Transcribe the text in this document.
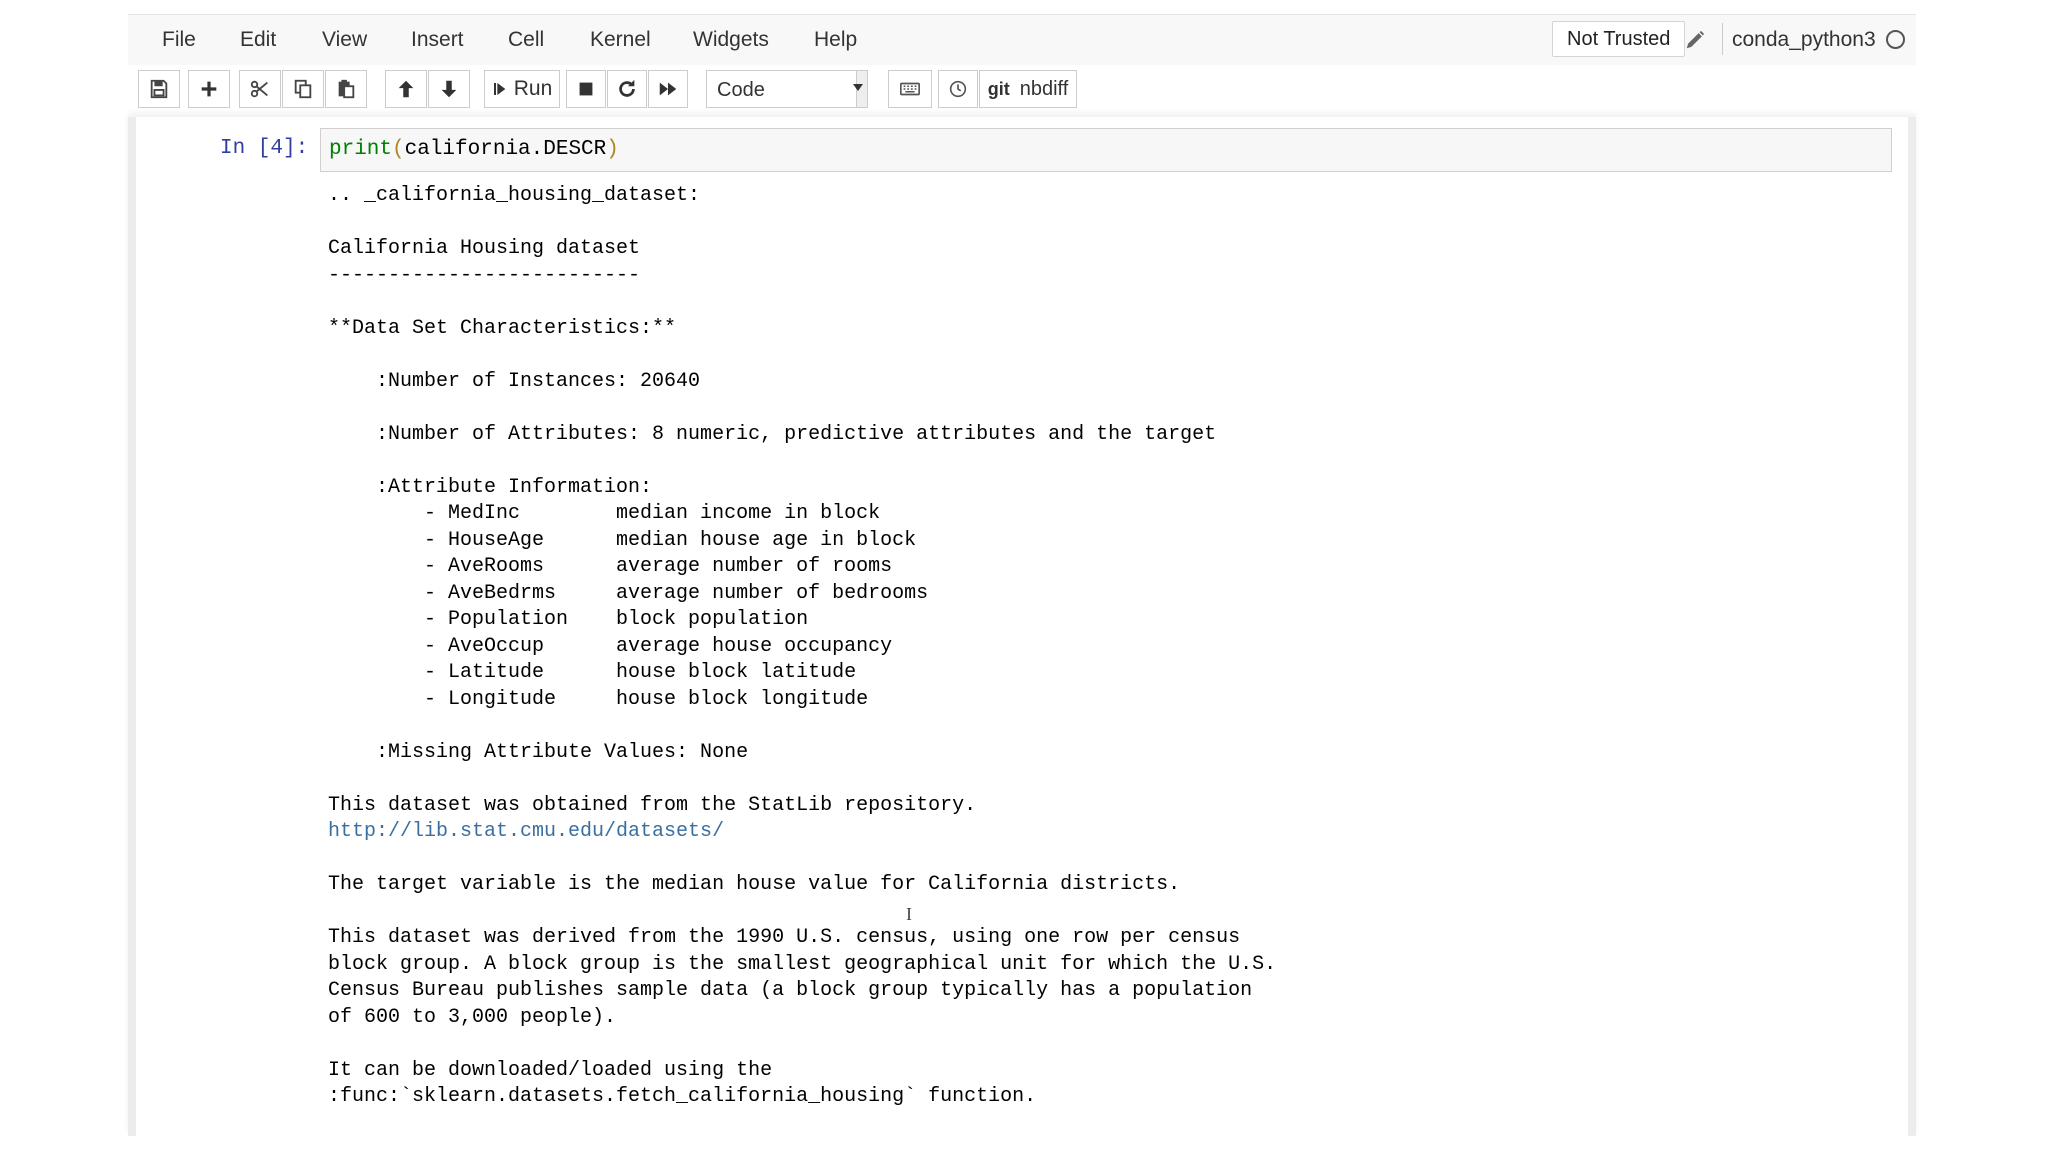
File Edit View Insert Cell Kernel Widgets Help	Not Trusted	conda_python3
Run	Code	git nbdiff
In [4]: print(california.DESCR)
.. _california_housing_dataset:

California Housing dataset
--------------------------

**Data Set Characteristics:**

:Number of Instances: 20640

:Number of Attributes: 8 numeric, predictive attributes and the target

:Attribute Information:
- MedInc        median income in block
- HouseAge      median house age in block
- AveRooms      average number of rooms
- AveBedrms     average number of bedrooms
- Population    block population
- AveOccup      average house occupancy
- Latitude      house block latitude
- Longitude     house block longitude

:Missing Attribute Values: None

This dataset was obtained from the StatLib repository.
http://lib.stat.cmu.edu/datasets/

The target variable is the median house value for California districts.

This dataset was derived from the 1990 U.S. census, using one row per census
block group. A block group is the smallest geographical unit for which the U.S.
Census Bureau publishes sample data (a block group typically has a population
of 600 to 3,000 people).

It can be downloaded/loaded using the
:func:`sklearn.datasets.fetch_california_housing` function.
I
